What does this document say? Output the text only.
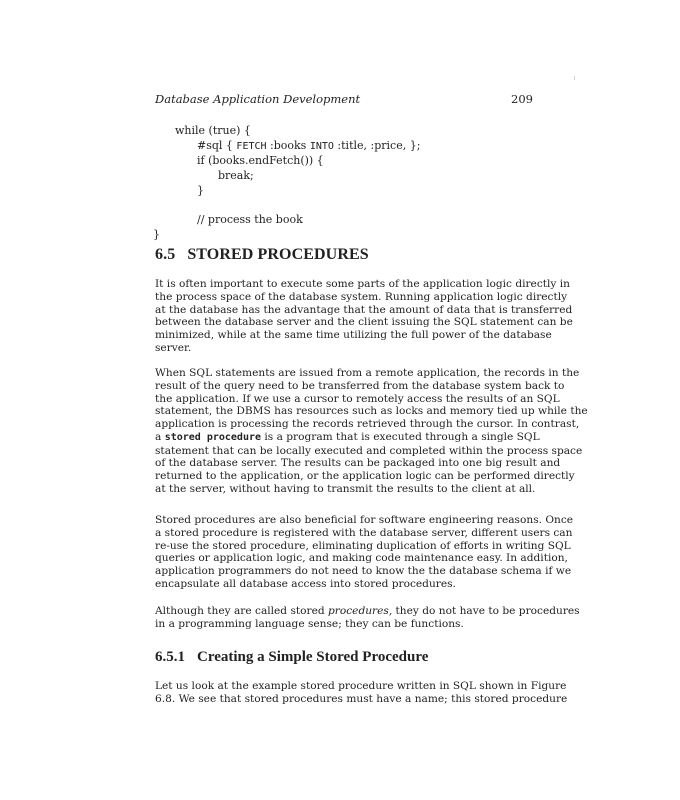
Database Application Development	209
while (true) {
#sql { FETCH :books INTO :title, :price, };
if (books.endFetch()) {
break;
}

// process the book
}
6.5 STORED PROCEDURES
It is often important to execute some parts of the application logic directly in
the process space of the database system. Running application logic directly
at the database has the advantage that the amount of data that is transferred
between the database server and the client issuing the SQL statement can be
minimized, while at the same time utilizing the full power of the database
server.
When SQL statements are issued from a remote application, the records in the
result of the query need to be transferred from the database system back to
the application. If we use a cursor to remotely access the results of an SQL
statement, the DBMS has resources such as locks and memory tied up while the
application is processing the records retrieved through the cursor. In contrast,
a stored procedure is a program that is executed through a single SQL
statement that can be locally executed and completed within the process space
of the database server. The results can be packaged into one big result and
returned to the application, or the application logic can be performed directly
at the server, without having to transmit the results to the client at all.
Stored procedures are also beneficial for software engineering reasons. Once
a stored procedure is registered with the database server, different users can
re-use the stored procedure, eliminating duplication of efforts in writing SQL
queries or application logic, and making code maintenance easy. In addition,
application programmers do not need to know the the database schema if we
encapsulate all database access into stored procedures.
Although they are called stored procedures, they do not have to be procedures
in a programming language sense; they can be functions.
6.5.1 Creating a Simple Stored Procedure
Let us look at the example stored procedure written in SQL shown in Figure
6.8. We see that stored procedures must have a name; this stored procedure
